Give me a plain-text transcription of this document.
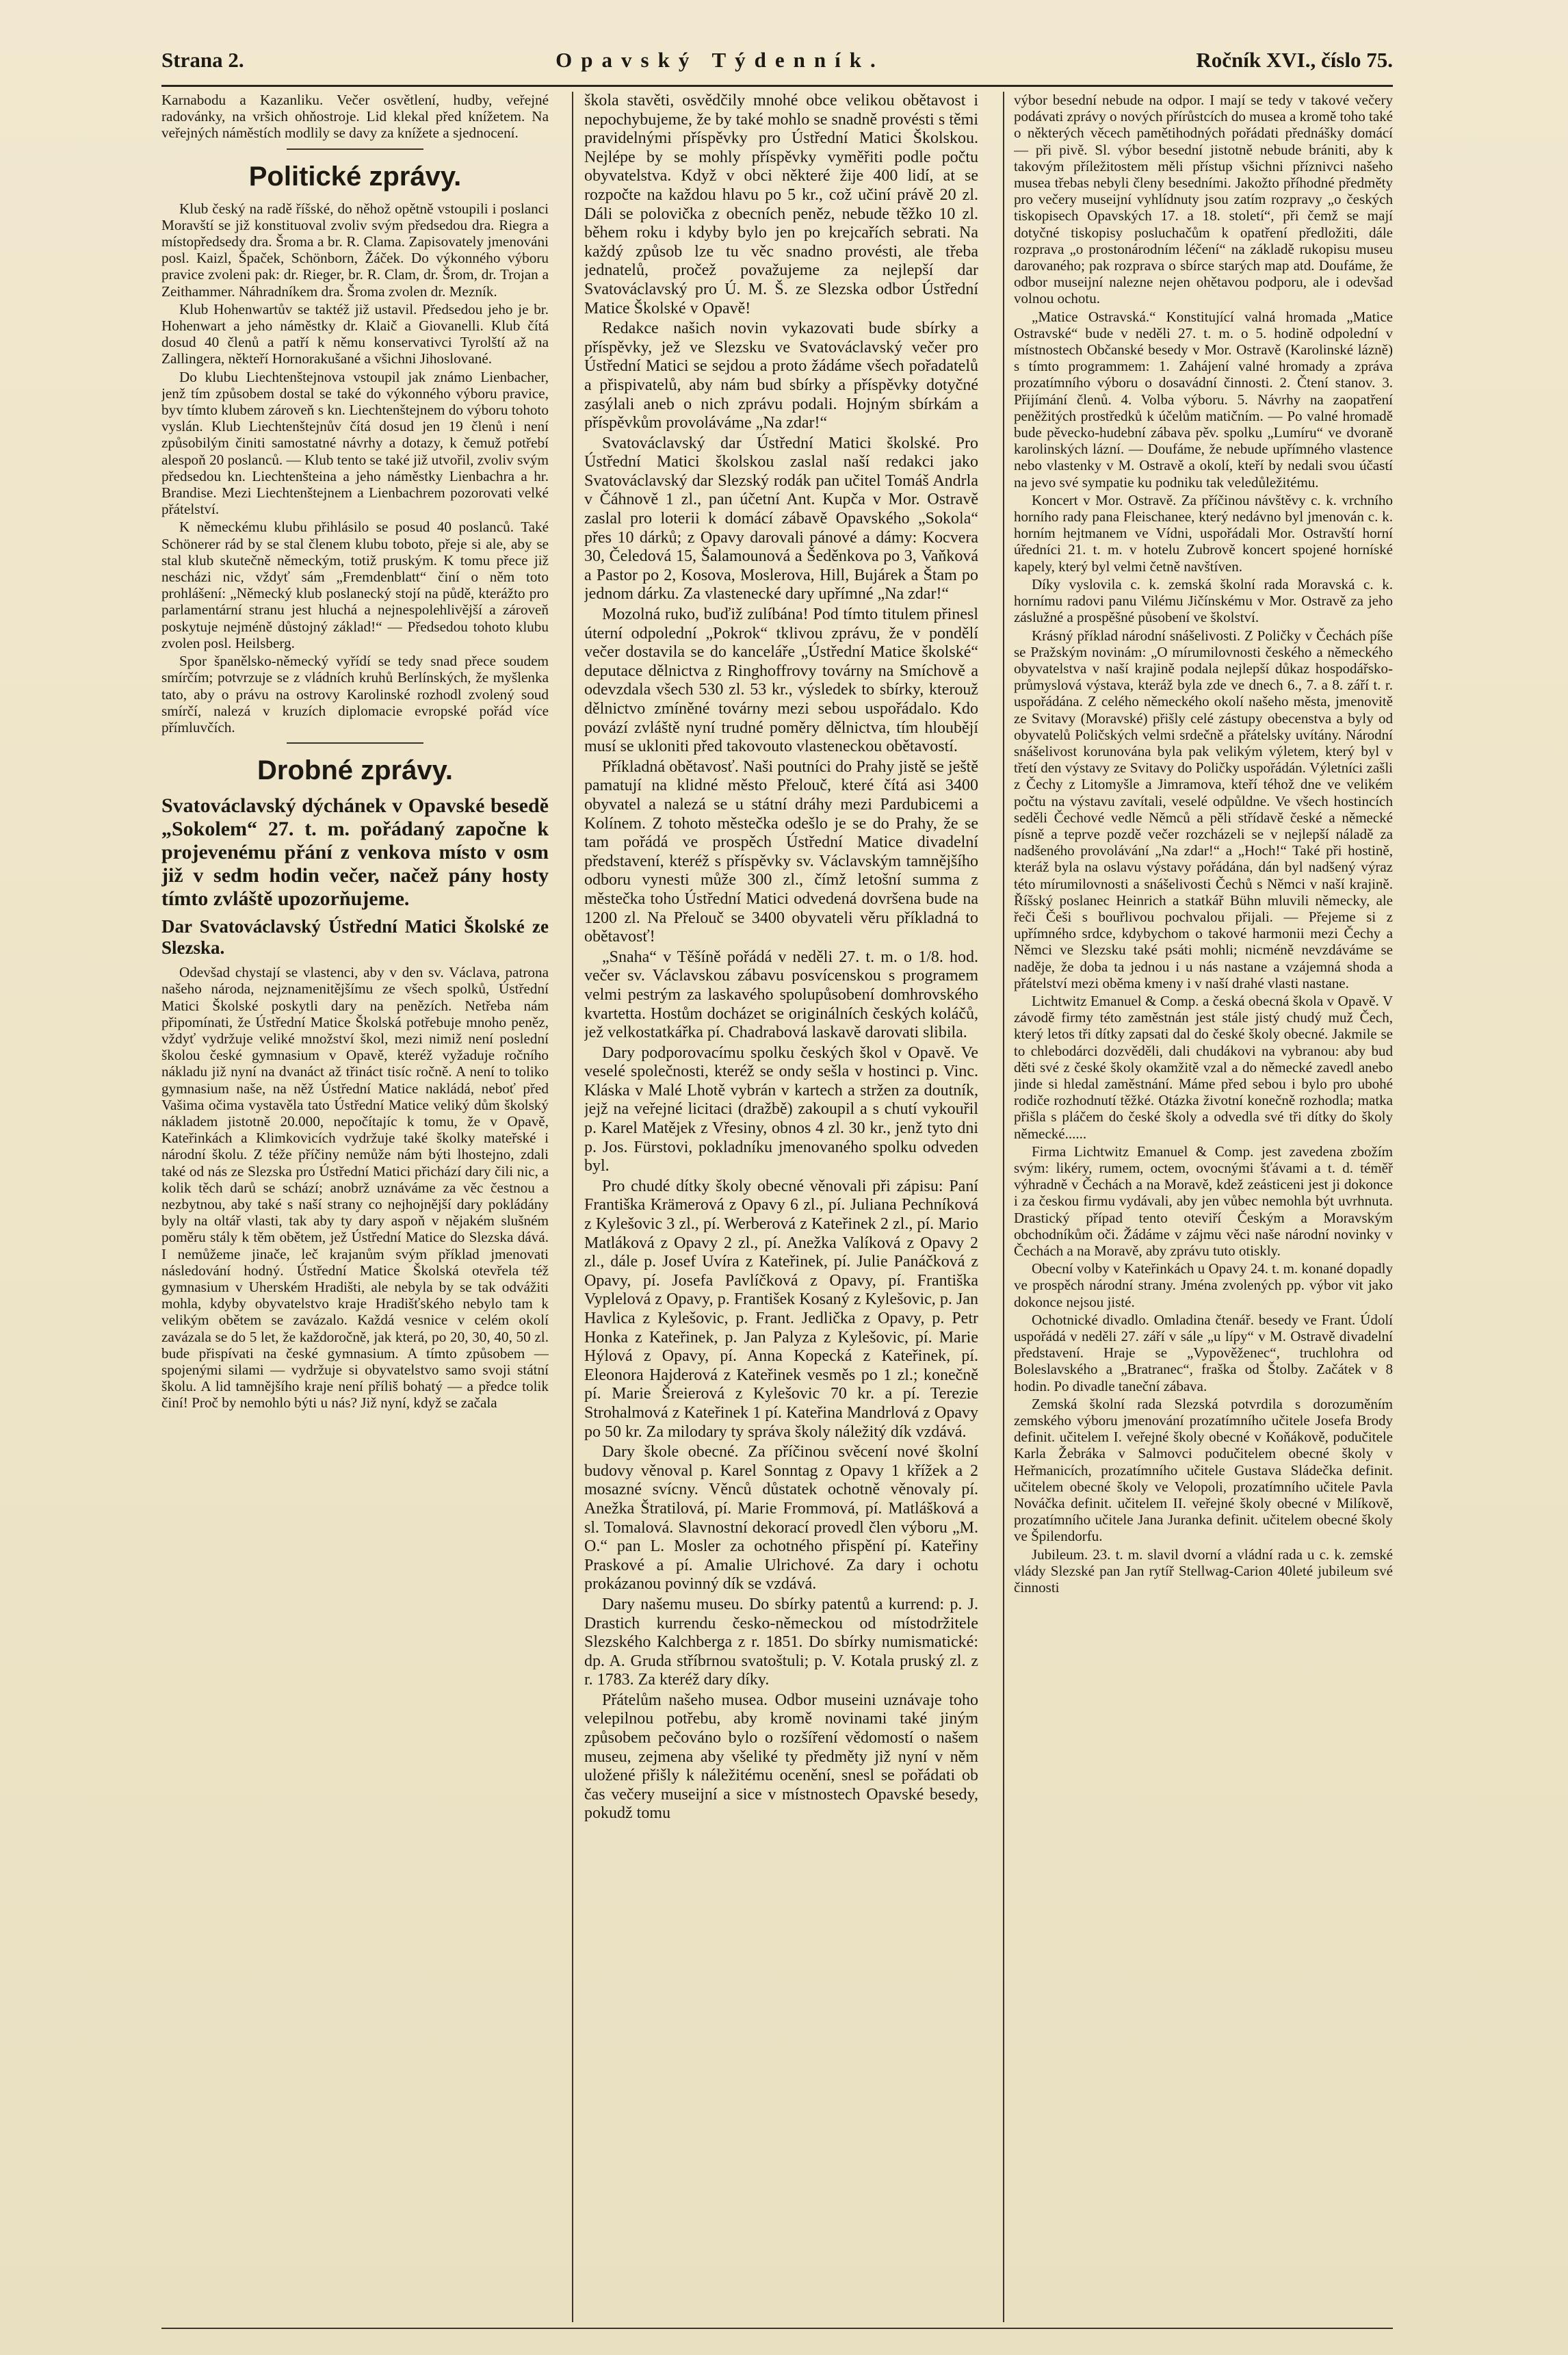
Strana 2.	Opavský Týdenník.	Ročník XVI., číslo 75.

Karnabodu a Kazanliku. Večer osvětlení, hudby, veřejné radovánky, na vršich ohňostroje. Lid klekal před knížetem. Na veřejných náměstích modlily se davy za knížete a sjednocení.

Politické zprávy.

Klub český na radě říšské, do něhož opětně vstoupili i poslanci Moravští se již konstituoval zvoliv svým předsedou dra. Riegra a místopředsedy dra. Šroma a br. R. Clama. Zapisovately jmenováni posl. Kaizl, Špaček, Schönborn, Žáček. Do výkonného výboru pravice zvoleni pak: dr. Rieger, br. R. Clam, dr. Šrom, dr. Trojan a Zeithammer. Náhradníkem dra. Šroma zvolen dr. Mezník.

Klub Hohenwartův se taktéž již ustavil. Předsedou jeho je br. Hohenwart a jeho náměstky dr. Klaič a Giovanelli. Klub čítá dosud 40 členů a patří k němu konservativci Tyrolští až na Zallingera, někteří Hornorakušané a všichni Jihoslované.

Do klubu Liechtenštejnova vstoupil jak známo Lienbacher, jenž tím způsobem dostal se také do výkonného výboru pravice, byv tímto klubem zároveň s kn. Liechtenštejnem do výboru tohoto vyslán. Klub Liechtenštejnův čítá dosud jen 19 členů i není způsobilým činiti samostatné návrhy a dotazy, k čemuž potřebí alespoň 20 poslanců. — Klub tento se také již utvořil, zvoliv svým předsedou kn. Liechtenšteina a jeho náměstky Lienbachra a hr. Brandise. Mezi Liechtenštejnem a Lienbachrem pozorovati velké přátelství.

K německému klubu přihlásilo se posud 40 poslanců. Také Schönerer rád by se stal členem klubu toboto, přeje si ale, aby se stal klub skutečně německým, totiž pruským. K tomu přece již nescházi nic, vždyť sám „Fremdenblatt“ činí o něm toto prohlášení: „Německý klub poslanecký stojí na půdě, kterážto pro parlamentární stranu jest hluchá a nejnespolehlivější a zároveň poskytuje nejméně důstojný základ!“ — Předsedou tohoto klubu zvolen posl. Heilsberg.

Spor španělsko-německý vyřídí se tedy snad přece soudem smírčím; potvrzuje se z vládních kruhů Berlínských, že myšlenka tato, aby o právu na ostrovy Karolinské rozhodl zvolený soud smírčí, nalezá v kruzích diplomacie evropské pořád více přímluvčích.

Drobné zprávy.
Svatováclavský dýchánek v Opavské besedě „Sokolem“ 27. t. m. pořádaný započne k projevenému přání z venkova místo v osm již v sedm hodin večer, načež pány hosty tímto zvláště upozorňujeme.
Dar Svatováclavský Ústřední Matici Školské ze Slezska.

Odevšad chystají se vlastenci, aby v den sv. Václava, patrona našeho národa, nejznamenitějšímu ze všech spolků, Ústřední Matici Školské poskytli dary na penězích. Netřeba nám připomínati, že Ústřední Matice Školská potřebuje mnoho peněz, vždyť vydržuje veliké množství škol, mezi nimiž není poslední školou české gymnasium v Opavě, kteréž vyžaduje ročního nákladu již nyní na dvanáct až třináct tisíc ročně. A není to toliko gymnasium naše, na něž Ústřední Matice nakládá, neboť před Vašima očima vystavěla tato Ústřední Matice veliký dům školský nákladem jistotně 20.000, nepočítajíc k tomu, že v Opavě, Kateřinkách a Klimkovicích vydržuje také školky mateřské i národní školu. Z téže příčiny nemůže nám býti lhostejno, zdali také od nás ze Slezska pro Ústřední Matici přichází dary čili nic, a kolik těch darů se schází; anobrž uznáváme za věc čestnou a nezbytnou, aby také s naší strany co nejhojnější dary pokládány byly na oltář vlasti, tak aby ty dary aspoň v nějakém slušném poměru stály k těm obětem, jež Ústřední Matice do Slezska dává. I nemůžeme jinače, leč krajanům svým příklad jmenovati následování hodný. Ústřední Matice Školská otevřela též gymnasium v Uherském Hradišti, ale nebyla by se tak odvážiti mohla, kdyby obyvatelstvo kraje Hradišťského nebylo tam k velikým obětem se zavázalo. Každá vesnice v celém okolí zavázala se do 5 let, že každoročně, jak která, po 20, 30, 40, 50 zl. bude přispívati na české gymnasium. A tímto způsobem — spojenými silami — vydržuje si obyvatelstvo samo svoji státní školu. A lid tamnějšího kraje není příliš bohatý — a předce tolik činí! Proč by nemohlo býti u nás? Již nyní, když se začala

škola stavěti, osvědčily mnohé obce velikou obětavost i nepochybujeme, že by také mohlo se snadně provésti s těmi pravidelnými příspěvky pro Ústřední Matici Školskou. Nejlépe by se mohly příspěvky vyměřiti podle počtu obyvatelstva. Když v obci některé žije 400 lidí, at se rozpočte na každou hlavu po 5 kr., což učiní právě 20 zl. Dáli se polovička z obecních peněz, nebude těžko 10 zl. během roku i kdyby bylo jen po krejcařích sebrati. Na každý způsob lze tu věc snadno provésti, ale třeba jednatelů, pročež považujeme za nejlepší dar Svatováclavský pro Ú. M. Š. ze Slezska odbor Ústřední Matice Školské v Opavě!

Redakce našich novin vykazovati bude sbírky a příspěvky, jež ve Slezsku ve Svatováclavský večer pro Ústřední Matici se sejdou a proto žádáme všech pořadatelů a přispivatelů, aby nám bud sbírky a příspěvky dotyčné zasýlali aneb o nich zprávu podali. Hojným sbírkám a příspěvkům provoláváme „Na zdar!“

Svatováclavský dar Ústřední Matici školské. Pro Ústřední Matici školskou zaslal naší redakci jako Svatováclavský dar Slezský rodák pan učitel Tomáš Andrla v Čáhnově 1 zl., pan účetní Ant. Kupča v Mor. Ostravě zaslal pro loterii k domácí zábavě Opavského „Sokola“ přes 10 dárků; z Opavy darovali pánové a dámy: Kocvera 30, Čeledová 15, Šalamounová a Šeděnkova po 3, Vaňková a Pastor po 2, Kosova, Moslerova, Hill, Bujárek a Štam po jednom dárku. Za vlastenecké dary upřímné „Na zdar!“

Mozolná ruko, buďiž zulíbána! Pod tímto titulem přinesl úterní odpolední „Pokrok“ tklivou zprávu, že v pondělí večer dostavila se do kanceláře „Ústřední Matice školské“ deputace dělnictva z Ringhoffrovy továrny na Smíchově a odevzdala všech 530 zl. 53 kr., výsledek to sbírky, kterouž dělnictvo zmíněné továrny mezi sebou uspořádalo. Kdo povází zvláště nyní trudné poměry dělnictva, tím hloubějí musí se ukloniti před takovouto vlasteneckou obětavostí.

Příkladná obětavosť. Naši poutníci do Prahy jistě se ještě pamatují na klidné město Přelouč, které čítá asi 3400 obyvatel a nalezá se u státní dráhy mezi Pardubicemi a Kolínem. Z tohoto městečka odešlo je se do Prahy, že se tam pořádá ve prospěch Ústřední Matice divadelní představení, kteréž s příspěvky sv. Václavským tamnějšího odboru vynesti může 300 zl., čímž letošní summa z městečka toho Ústřední Matici odvedená dovršena bude na 1200 zl. Na Přelouč se 3400 obyvateli věru příkladná to obětavosť!

„Snaha“ v Těšíně pořádá v neděli 27. t. m. o 1/8. hod. večer sv. Václavskou zábavu posvícenskou s programem velmi pestrým za laskavého spolupůsobení domhrovského kvartetta. Hostům docházet se originálních českých koláčů, jež velkostatkářka pí. Chadrabová laskavě darovati slibila.

Dary podporovacímu spolku českých škol v Opavě. Ve veselé společnosti, kteréž se ondy sešla v hostinci p. Vinc. Kláska v Malé Lhotě vybrán v kartech a stržen za doutník, jejž na veřejné licitaci (dražbě) zakoupil a s chutí vykouřil p. Karel Matějek z Vřesiny, obnos 4 zl. 30 kr., jenž tyto dni p. Jos. Fürstovi, pokladníku jmenovaného spolku odveden byl.

Pro chudé dítky školy obecné věnovali při zápisu: Paní Františka Krämerová z Opavy 6 zl., pí. Juliana Pechníková z Kylešovic 3 zl., pí. Werberová z Kateřinek 2 zl., pí. Mario Matláková z Opavy 2 zl., pí. Anežka Valíková z Opavy 2 zl., dále p. Josef Uvíra z Kateřinek, pí. Julie Panáčková z Opavy, pí. Josefa Pavlíčková z Opavy, pí. Františka Vyplelová z Opavy, p. František Kosaný z Kylešovic, p. Jan Havlica z Kylešovic, p. Frant. Jedlička z Opavy, p. Petr Honka z Kateřinek, p. Jan Palyza z Kylešovic, pí. Marie Hýlová z Opavy, pí. Anna Kopecká z Kateřinek, pí. Eleonora Hajderová z Kateřinek vesměs po 1 zl.; konečně pí. Marie Šreierová z Kylešovic 70 kr. a pí. Terezie Strohalmová z Kateřinek 1 pí. Kateřina Mandrlová z Opavy po 50 kr. Za milodary ty správa školy náležitý dík vzdává.

Dary škole obecné. Za příčinou svěcení nové školní budovy věnoval p. Karel Sonntag z Opavy 1 křížek a 2 mosazné svícny. Věnců důstatek ochotně věnovaly pí. Anežka Štratilová, pí. Marie Frommová, pí. Matlášková a sl. Tomalová. Slavnostní dekorací provedl člen výboru „M. O.“ pan L. Mosler za ochotného přispění pí. Kateřiny Praskové a pí. Amalie Ulrichové. Za dary i ochotu prokázanou povinný dík se vzdává.

Dary našemu museu. Do sbírky patentů a kurrend: p. J. Drastich kurrendu česko-německou od místodržitele Slezského Kalchberga z r. 1851. Do sbírky numismatické: dp. A. Gruda stříbrnou svatoštuli; p. V. Kotala pruský zl. z r. 1783. Za kteréž dary díky.

Přátelům našeho musea. Odbor museini uznávaje toho velepilnou potřebu, aby kromě novinami také jiným způsobem pečováno bylo o rozšíření vědomostí o našem museu, zejmena aby všeliké ty předměty již nyní v něm uložené přišly k náležitému ocenění, snesl se pořádati ob čas večery museijní a sice v místnostech Opavské besedy, pokudž tomu

výbor besední nebude na odpor. I mají se tedy v takové večery podávati zprávy o nových přírůstcích do musea a kromě toho také o některých věcech pamětihodných pořádati přednášky domácí — při pivě. Sl. výbor besední jistotně nebude brániti, aby k takovým příležitostem měli přístup všichni příznivci našeho musea třebas nebyli členy besedními. Jakožto příhodné předměty pro večery museijní vyhlídnuty jsou zatím rozpravy „o českých tiskopisech Opavských 17. a 18. století“, při čemž se mají dotyčné tiskopisy posluchačům k opatření předložiti, dále rozprava „o prostonárodním léčení“ na základě rukopisu museu darovaného; pak rozprava o sbírce starých map atd. Doufáme, že odbor museijní nalezne nejen ohětavou podporu, ale i odevšad volnou ochotu.

„Matice Ostravská.“ Konstitující valná hromada „Matice Ostravské“ bude v neděli 27. t. m. o 5. hodině odpolední v místnostech Občanské besedy v Mor. Ostravě (Karolinské lázně) s tímto programmem: 1. Zahájení valné hromady a zpráva prozatímního výboru o dosavádní činnosti. 2. Čtení stanov. 3. Přijímání členů. 4. Volba výboru. 5. Návrhy na zaopatření peněžitých prostředků k účelům matičním. — Po valné hromadě bude pěvecko-hudební zábava pěv. spolku „Lumíru“ ve dvoraně karolinských lázní. — Doufáme, že nebude upřímného vlastence nebo vlastenky v M. Ostravě a okolí, kteří by nedali svou účastí na jevo své sympatie ku podniku tak veledůležitému.

Koncert v Mor. Ostravě. Za příčinou návštěvy c. k. vrchního horního rady pana Fleischanee, který nedávno byl jmenován c. k. horním hejtmanem ve Vídni, uspořádali Mor. Ostravští horní úředníci 21. t. m. v hotelu Zubrově koncert spojené horníské kapely, který byl velmi četně navštíven.

Díky vyslovila c. k. zemská školní rada Moravská c. k. hornímu radovi panu Vilému Jičínskému v Mor. Ostravě za jeho záslužné a prospěšné působení ve školství.

Krásný příklad národní snášelivosti. Z Poličky v Čechách píše se Pražským novinám: „O mírumilovnosti českého a německého obyvatelstva v naší krajině podala nejlepší důkaz hospodářsko-průmyslová výstava, kteráž byla zde ve dnech 6., 7. a 8. září t. r. uspořádána. Z celého německého okolí našeho města, jmenovitě ze Svitavy (Moravské) přišly celé zástupy obecenstva a byly od obyvatelů Poličských velmi srdečně a přátelsky uvítány. Národní snášelivost korunována byla pak velikým výletem, který byl v třetí den výstavy ze Svitavy do Poličky uspořádán. Výletníci zašli z Čechy z Litomyšle a Jimramova, kteří téhož dne ve velikém počtu na výstavu zavítali, veselé odpůldne. Ve všech hostincích seděli Čechové vedle Němců a pěli střídavě české a německé písně a teprve pozdě večer rozcházeli se v nejlepší náladě za nadšeného provolávání „Na zdar!“ a „Hoch!“ Také při hostině, kteráž byla na oslavu výstavy pořádána, dán byl nadšený výraz této mírumilovnosti a snášelivosti Čechů s Němci v naší krajině. Říšský poslanec Heinrich a statkář Bühn mluvili německy, ale řeči Češi s bouřlivou pochvalou přijali. — Přejeme si z upřímného srdce, kdybychom o takové harmonii mezi Čechy a Němci ve Slezsku také psáti mohli; nicméně nevzdáváme se naděje, že doba ta jednou i u nás nastane a vzájemná shoda a přátelství mezi oběma kmeny i v naší drahé vlasti nastane.

Lichtwitz Emanuel & Comp. a česká obecná škola v Opavě. V závodě firmy této zaměstnán jest stále jistý chudý muž Čech, který letos tři dítky zapsati dal do české školy obecné. Jakmile se to chlebodárci dozvěděli, dali chudákovi na vybranou: aby bud děti své z české školy okamžitě vzal a do německé zavedl anebo jinde si hledal zaměstnání. Máme před sebou i bylo pro ubohé rodiče rozhodnutí těžké. Otázka životní konečně rozhodla; matka přišla s pláčem do české školy a odvedla své tři dítky do školy německé......

Firma Lichtwitz Emanuel & Comp. jest zavedena zbožím svým: likéry, rumem, octem, ovocnými šťávami a t. d. téměř výhradně v Čechách a na Moravě, kdež zeásticeni jest ji dokonce i za českou firmu vydávali, aby jen vůbec nemohla být uvrhnuta. Drastický případ tento oteviří Českým a Moravským obchodníkům oči. Žádáme v zájmu věci naše národní novinky v Čechách a na Moravě, aby zprávu tuto otiskly.

Obecní volby v Kateřinkách u Opavy 24. t. m. konané dopadly ve prospěch národní strany. Jména zvolených pp. výbor vit jako dokonce nejsou jisté.

Ochotnické divadlo. Omladina čtenář. besedy ve Frant. Údolí uspořádá v neděli 27. září v sále „u lípy“ v M. Ostravě divadelní představení. Hraje se „Vypověženec“, truchlohra od Boleslavského a „Bratranec“, fraška od Štolby. Začátek v 8 hodin. Po divadle taneční zábava.

Zemská školní rada Slezská potvrdila s dorozuměním zemského výboru jmenování prozatímního učitele Josefa Brody definit. učitelem I. veřejné školy obecné v Koňákově, podučitele Karla Žebráka v Salmovci podučitelem obecné školy v Heřmanicích, prozatímního učitele Gustava Sládečka definit. učitelem obecné školy ve Velopoli, prozatímního učitele Pavla Nováčka definit. učitelem II. veřejné školy obecné v Milíkově, prozatímního učitele Jana Juranka definit. učitelem obecné školy ve Špilendorfu.

Jubileum. 23. t. m. slavil dvorní a vládní rada u c. k. zemské vlády Slezské pan Jan rytíř Stellwag-Carion 40leté jubileum své činnosti
